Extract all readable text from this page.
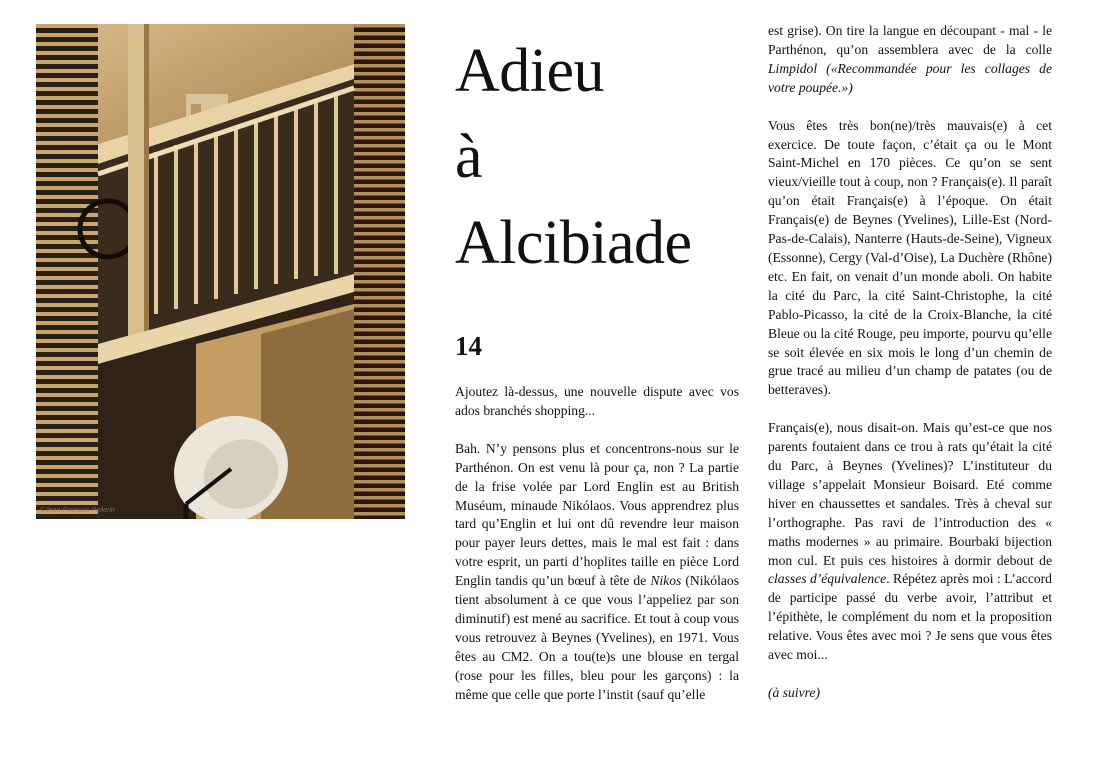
©Jean-François Pellerin
Adieu
à
Alcibiade
14

Ajoutez là-dessus, une nouvelle dispute avec vos ados branchés shopping...

Bah. N’y pensons plus et concentrons-nous sur le Parthénon. On est venu là pour ça, non ? La partie de la frise volée par Lord Englin est au British Muséum, minaude Nikólaos. Vous apprendrez plus tard qu’Englin et lui ont dû revendre leur maison pour payer leurs dettes, mais le mal est fait : dans votre esprit, un parti d’hoplites taille en pièce Lord Englin tandis qu’un bœuf à tête de Nikos (Nikólaos tient absolument à ce que vous l’appeliez par son diminutif) est mené au sacrifice. Et tout à coup vous vous retrouvez à Beynes (Yvelines), en 1971. Vous êtes au CM2. On a tou(te)s une blouse en tergal (rose pour les filles, bleu pour les garçons) : la même que celle que porte l’instit (sauf qu’elle

est grise). On tire la langue en découpant - mal - le Parthénon, qu’on assemblera avec de la colle Limpidol («Recommandée pour les collages de votre poupée.»)

Vous êtes très bon(ne)/très mauvais(e) à cet exercice. De toute façon, c’était ça ou le Mont Saint-Michel en 170 pièces. Ce qu’on se sent vieux/vieille tout à coup, non ? Français(e). Il paraît qu’on était Français(e) à l’époque. On était Français(e) de Beynes (Yvelines), Lille-Est (Nord-Pas-de-Calais), Nanterre (Hauts-de-Seine), Vigneux (Essonne), Cergy (Val-d’Oise), La Duchère (Rhône) etc. En fait, on venait d’un monde aboli. On habite la cité du Parc, la cité Saint-Christophe, la cité Pablo-Picasso, la cité de la Croix-Blanche, la cité Bleue ou la cité Rouge, peu importe, pourvu qu’elle se soit élevée en six mois le long d’un chemin de grue tracé au milieu d’un champ de patates (ou de betteraves).

Français(e), nous disait-on. Mais qu’est-ce que nos parents foutaient dans ce trou à rats qu’était la cité du Parc, à Beynes (Yvelines)? L’instituteur du village s’appelait Monsieur Boisard. Eté comme hiver en chaussettes et sandales. Très à cheval sur l’orthographe. Pas ravi de l’introduction des « maths modernes » au primaire. Bourbaki bijection mon cul. Et puis ces histoires à dormir debout de classes d’équivalence. Répétez après moi : L’accord de participe passé du verbe avoir, l’attribut et l’épithète, le complément du nom et la proposition relative. Vous êtes avec moi ? Je sens que vous êtes avec moi...

(à suivre)
